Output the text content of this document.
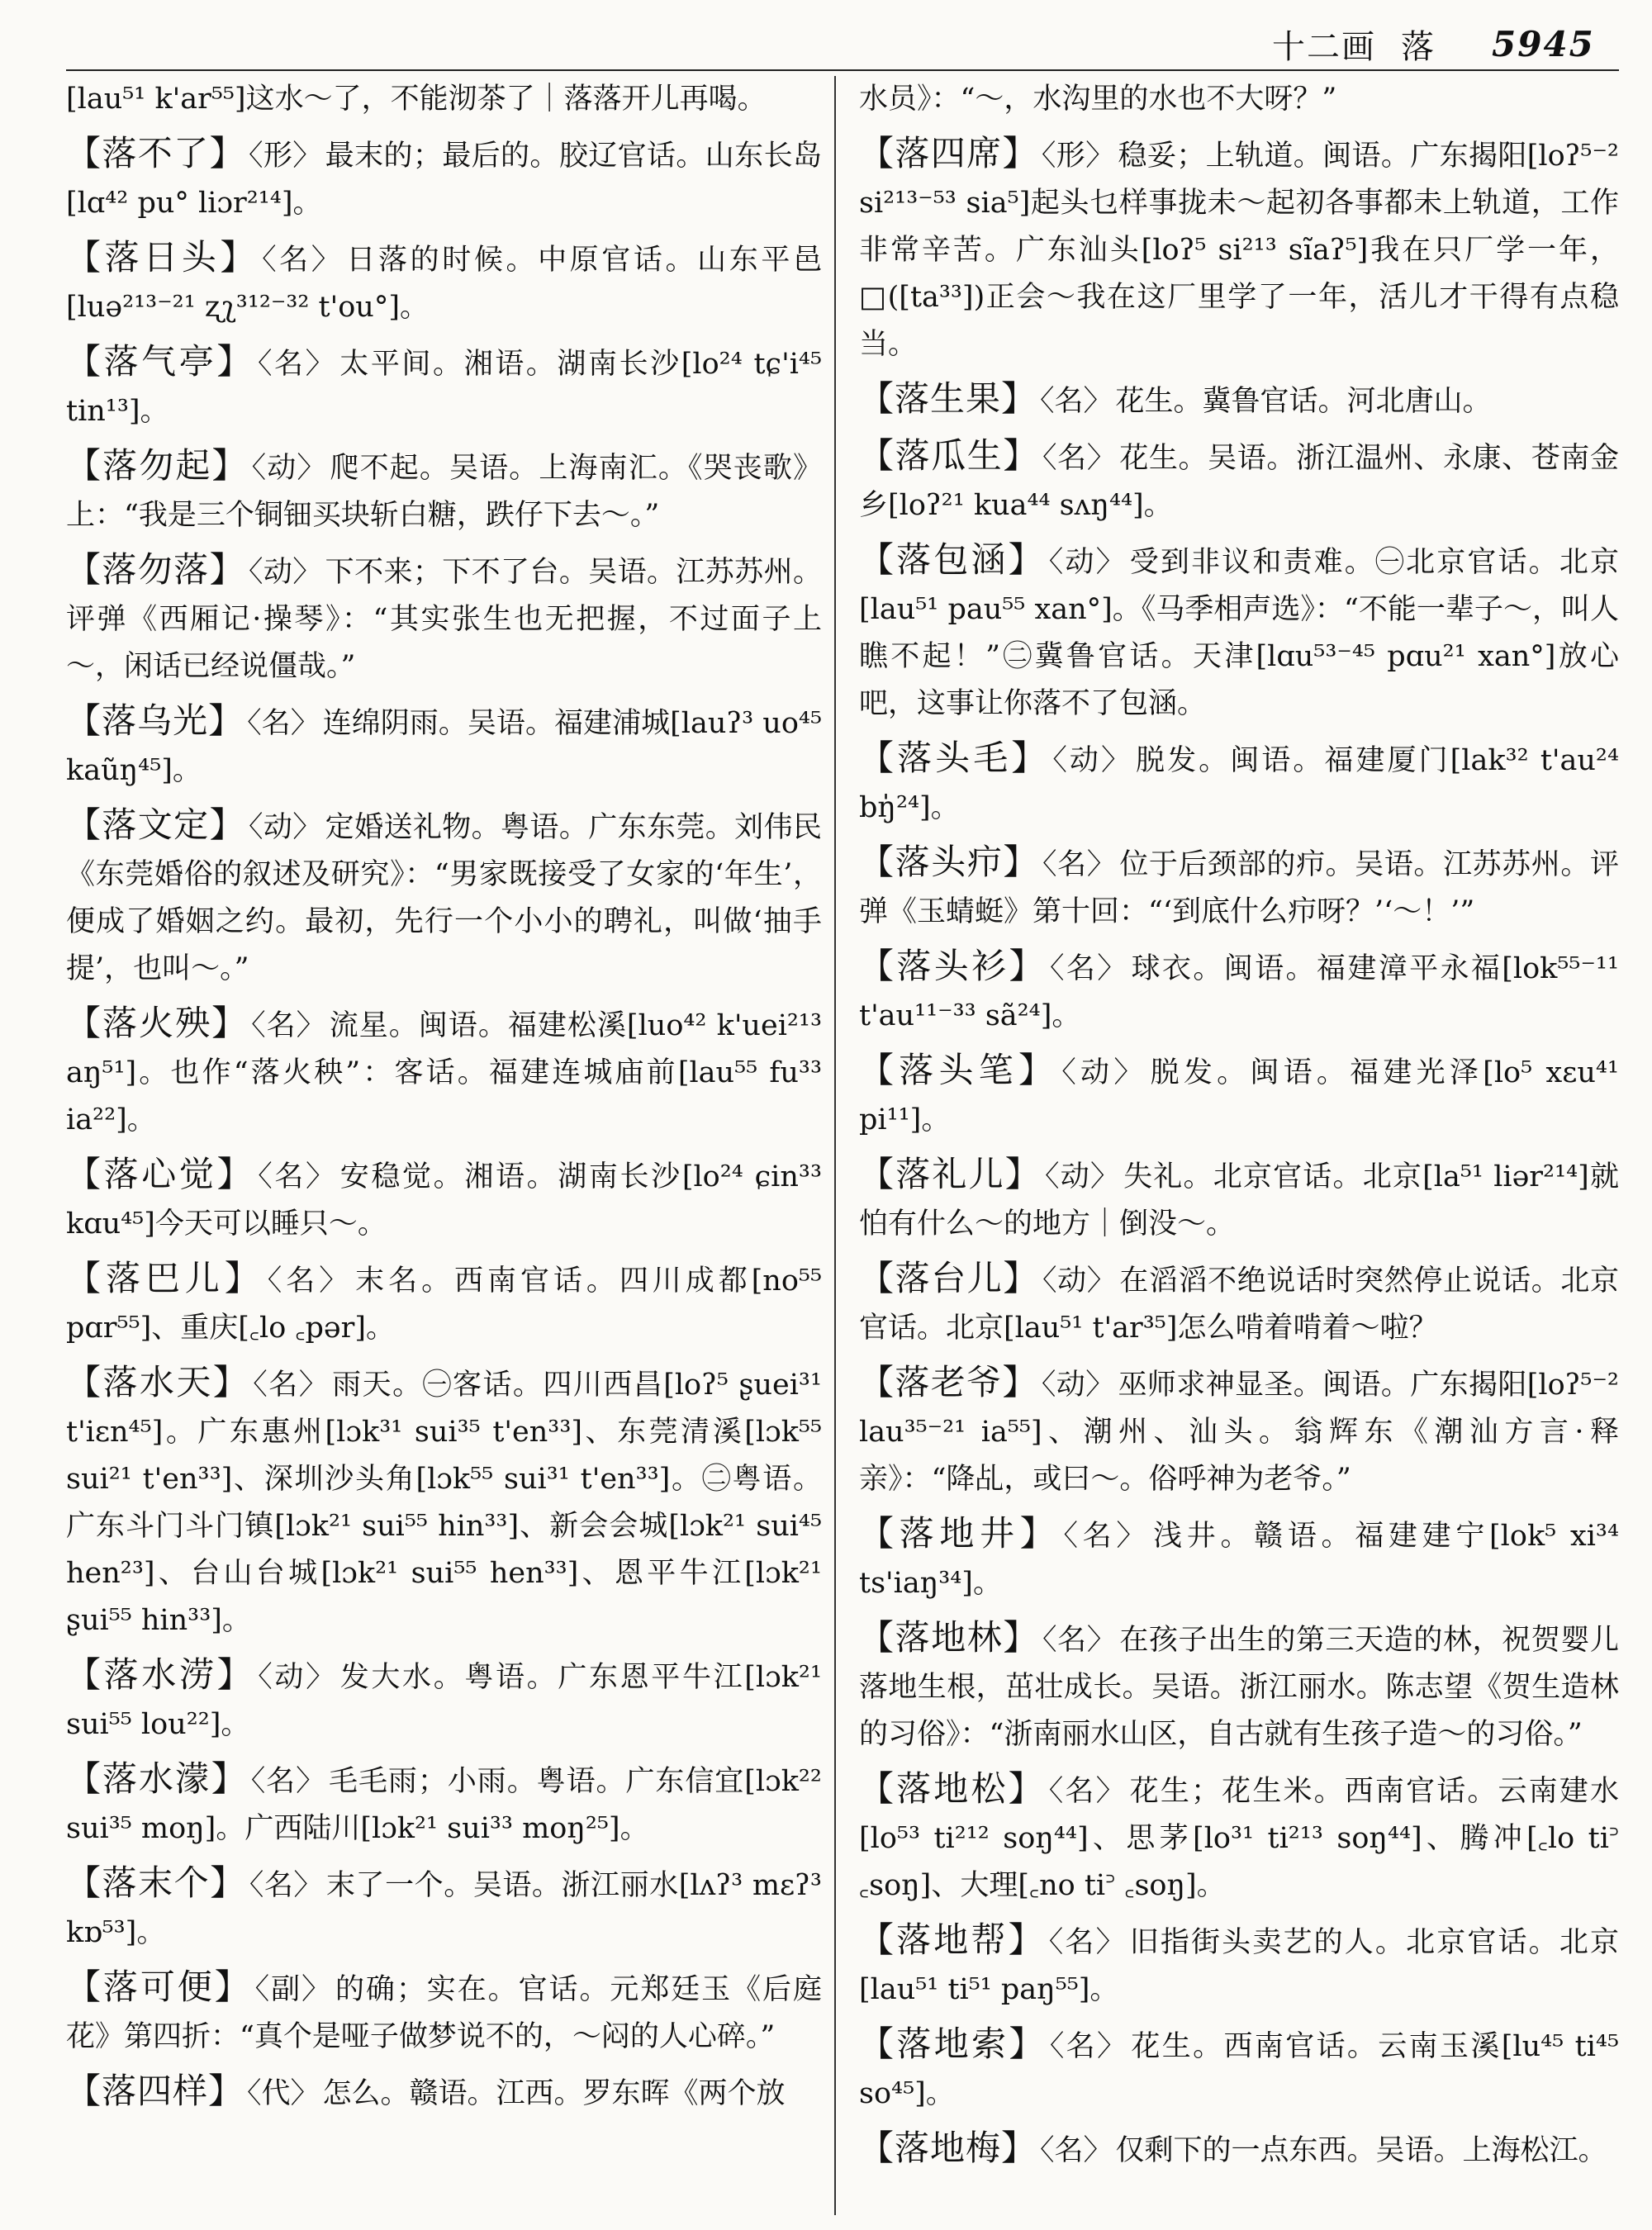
十二画 落 5945

[lau⁵¹ k'ar⁵⁵]这水～了，不能沏茶了｜落落开儿再喝。

【落不了】 〈形〉 最末的；最后的。胶辽官话。山东长岛[lɑ⁴² pu° liɔr²¹⁴]。

【落日头】 〈名〉 日落的时候。中原官话。山东平邑[luə²¹³⁻²¹ ʐʅ³¹²⁻³² t'ou°]。

【落气亭】 〈名〉 太平间。湘语。湖南长沙[lo²⁴ tɕ'i⁴⁵ tin¹³]。

【落勿起】 〈动〉 爬不起。吴语。上海南汇。《哭丧歌》上：“我是三个铜钿买块斩白糖，跌仔下去～。”

【落勿落】 〈动〉 下不来；下不了台。吴语。江苏苏州。评弹《西厢记·操琴》：“其实张生也无把握，不过面子上～，闲话已经说僵哉。”

【落乌光】 〈名〉 连绵阴雨。吴语。福建浦城[lauʔ³ uo⁴⁵ kaũŋ⁴⁵]。

【落文定】 〈动〉 定婚送礼物。粤语。广东东莞。刘伟民《东莞婚俗的叙述及研究》：“男家既接受了女家的‘年生’，便成了婚姻之约。最初，先行一个小小的聘礼，叫做‘抽手提’，也叫～。”

【落火殃】 〈名〉 流星。闽语。福建松溪[luo⁴² k'uei²¹³ aŋ⁵¹]。也作“落火秧”：客话。福建连城庙前[lau⁵⁵ fu³³ ia²²]。

【落心觉】 〈名〉 安稳觉。湘语。湖南长沙[lo²⁴ ɕin³³ kɑu⁴⁵]今天可以睡只～。

【落巴儿】 〈名〉 末名。西南官话。四川成都[no⁵⁵ pɑr⁵⁵]、重庆[꜀lo ꜀pər]。

【落水天】 〈名〉 雨天。㊀客话。四川西昌[loʔ⁵ ʂuei³¹ t'iɛn⁴⁵]。广东惠州[lɔk³¹ sui³⁵ t'en³³]、东莞清溪[lɔk⁵⁵ sui²¹ t'en³³]、深圳沙头角[lɔk⁵⁵ sui³¹ t'en³³]。㊁粤语。广东斗门斗门镇[lɔk²¹ sui⁵⁵ hin³³]、新会会城[lɔk²¹ sui⁴⁵ hen²³]、台山台城[lɔk²¹ sui⁵⁵ hen³³]、恩平牛江[lɔk²¹ ʂui⁵⁵ hin³³]。

【落水涝】 〈动〉 发大水。粤语。广东恩平牛江[lɔk²¹ sui⁵⁵ lou²²]。

【落水濛】 〈名〉 毛毛雨；小雨。粤语。广东信宜[lɔk²² sui³⁵ moŋ]。广西陆川[lɔk²¹ sui³³ moŋ²⁵]。

【落末个】 〈名〉 末了一个。吴语。浙江丽水[lʌʔ³ mɛʔ³ kɒ⁵³]。

【落可便】 〈副〉 的确；实在。官话。元郑廷玉《后庭花》第四折：“真个是哑子做梦说不的，～闷的人心碎。”

【落四样】 〈代〉 怎么。赣语。江西。罗东晖《两个放

水员》：“～，水沟里的水也不大呀？”

【落四席】 〈形〉 稳妥；上轨道。闽语。广东揭阳[loʔ⁵⁻² si²¹³⁻⁵³ sia⁵]起头乜样事拢未～起初各事都未上轨道，工作非常辛苦。广东汕头[loʔ⁵ si²¹³ sĩaʔ⁵]我在只厂学一年，□([ta³³])正会～我在这厂里学了一年，活儿才干得有点稳当。

【落生果】 〈名〉 花生。冀鲁官话。河北唐山。

【落瓜生】 〈名〉 花生。吴语。浙江温州、永康、苍南金乡[loʔ²¹ kua⁴⁴ sʌŋ⁴⁴]。

【落包涵】 〈动〉 受到非议和责难。㊀北京官话。北京[lau⁵¹ pau⁵⁵ xan°]。《马季相声选》：“不能一辈子～，叫人瞧不起！”㊁冀鲁官话。天津[lɑu⁵³⁻⁴⁵ pɑu²¹ xan°]放心吧，这事让你落不了包涵。

【落头毛】 〈动〉 脱发。闽语。福建厦门[lak³² t'au²⁴ bŋ̍²⁴]。

【落头疖】 〈名〉 位于后颈部的疖。吴语。江苏苏州。评弹《玉蜻蜓》第十回：“‘到底什么疖呀？’‘～！’”

【落头衫】 〈名〉 球衣。闽语。福建漳平永福[lok⁵⁵⁻¹¹ t'au¹¹⁻³³ sã²⁴]。

【落头笔】 〈动〉 脱发。闽语。福建光泽[lo⁵ xɛu⁴¹ pi¹¹]。

【落礼儿】 〈动〉 失礼。北京官话。北京[la⁵¹ liər²¹⁴]就怕有什么～的地方｜倒没～。

【落台儿】 〈动〉 在滔滔不绝说话时突然停止说话。北京官话。北京[lau⁵¹ t'ar³⁵]怎么啃着啃着～啦？

【落老爷】 〈动〉 巫师求神显圣。闽语。广东揭阳[loʔ⁵⁻² lau³⁵⁻²¹ ia⁵⁵]、潮州、汕头。翁辉东《潮汕方言·释亲》：“降乩，或曰～。俗呼神为老爷。”

【落地井】 〈名〉 浅井。赣语。福建建宁[lok⁵ xi³⁴ ts'iaŋ³⁴]。

【落地林】 〈名〉 在孩子出生的第三天造的林，祝贺婴儿落地生根，茁壮成长。吴语。浙江丽水。陈志望《贺生造林的习俗》：“浙南丽水山区，自古就有生孩子造～的习俗。”

【落地松】 〈名〉 花生；花生米。西南官话。云南建水[lo⁵³ ti²¹² soŋ⁴⁴]、思茅[lo³¹ ti²¹³ soŋ⁴⁴]、腾冲[꜀lo ti꜄ ꜀soŋ]、大理[꜀no ti꜄ ꜀soŋ]。

【落地帮】 〈名〉 旧指街头卖艺的人。北京官话。北京[lau⁵¹ ti⁵¹ paŋ⁵⁵]。

【落地索】 〈名〉 花生。西南官话。云南玉溪[lu⁴⁵ ti⁴⁵ so⁴⁵]。

【落地梅】 〈名〉 仅剩下的一点东西。吴语。上海松江。
